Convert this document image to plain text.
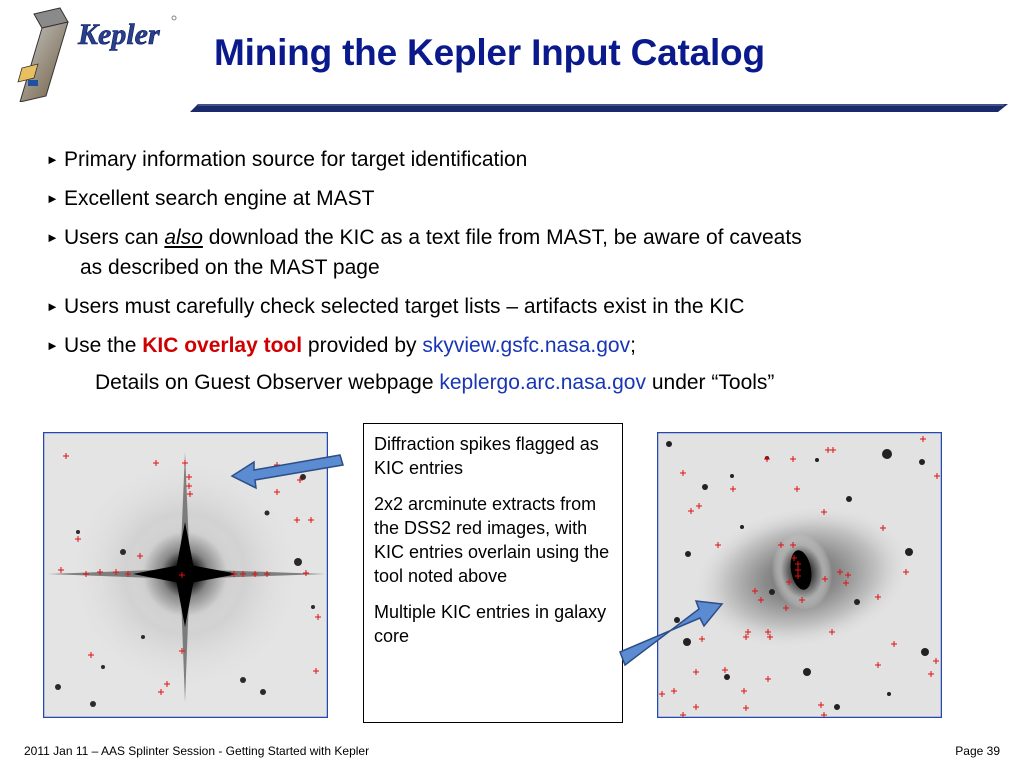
Kepler Mining the Kepler Input Catalog
► Primary information source for target identification
► Excellent search engine at MAST
► Users can also download the KIC as a text file from MAST, be aware of caveats
as described on the MAST page
► Users must carefully check selected target lists – artifacts exist in the KIC
► Use the KIC overlay tool provided by skyview.gsfc.nasa.gov;
Details on Guest Observer webpage keplergo.arc.nasa.gov under “Tools”

Diffraction spikes flagged as KIC entries

2x2 arcminute extracts from the DSS2 red images, with KIC entries overlain using the tool noted above

Multiple KIC entries in galaxy core

2011 Jan 11 – AAS Splinter Session - Getting Started with Kepler	Page 39
